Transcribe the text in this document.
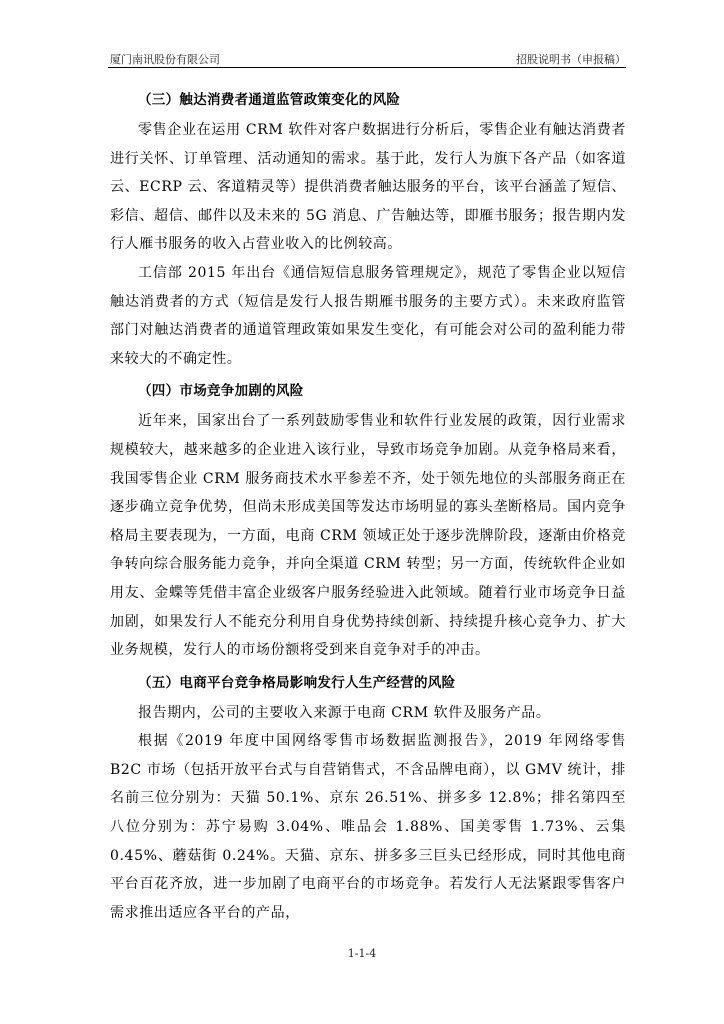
厦门南讯股份有限公司	招股说明书（申报稿）
（三）触达消费者通道监管政策变化的风险

零售企业在运用 CRM 软件对客户数据进行分析后，零售企业有触达消费者进行关怀、订单管理、活动通知的需求。基于此，发行人为旗下各产品（如客道云、ECRP 云、客道精灵等）提供消费者触达服务的平台，该平台涵盖了短信、彩信、超信、邮件以及未来的 5G 消息、广告触达等，即雁书服务；报告期内发行人雁书服务的收入占营业收入的比例较高。

工信部 2015 年出台《通信短信息服务管理规定》，规范了零售企业以短信触达消费者的方式（短信是发行人报告期雁书服务的主要方式）。未来政府监管部门对触达消费者的通道管理政策如果发生变化，有可能会对公司的盈利能力带来较大的不确定性。

（四）市场竞争加剧的风险

近年来，国家出台了一系列鼓励零售业和软件行业发展的政策，因行业需求规模较大，越来越多的企业进入该行业，导致市场竞争加剧。从竞争格局来看，我国零售企业 CRM 服务商技术水平参差不齐，处于领先地位的头部服务商正在逐步确立竞争优势，但尚未形成美国等发达市场明显的寡头垄断格局。国内竞争格局主要表现为，一方面，电商 CRM 领域正处于逐步洗牌阶段，逐渐由价格竞争转向综合服务能力竞争，并向全渠道 CRM 转型；另一方面，传统软件企业如用友、金蝶等凭借丰富企业级客户服务经验进入此领域。随着行业市场竞争日益加剧，如果发行人不能充分利用自身优势持续创新、持续提升核心竞争力、扩大业务规模，发行人的市场份额将受到来自竞争对手的冲击。

（五）电商平台竞争格局影响发行人生产经营的风险

报告期内，公司的主要收入来源于电商 CRM 软件及服务产品。

根据《2019 年度中国网络零售市场数据监测报告》，2019 年网络零售 B2C 市场（包括开放平台式与自营销售式，不含品牌电商），以 GMV 统计，排名前三位分别为：天猫 50.1%、京东 26.51%、拼多多 12.8%；排名第四至八位分别为：苏宁易购 3.04%、唯品会 1.88%、国美零售 1.73%、云集 0.45%、蘑菇街 0.24%。天猫、京东、拼多多三巨头已经形成，同时其他电商平台百花齐放，进一步加剧了电商平台的市场竞争。若发行人无法紧跟零售客户需求推出适应各平台的产品，

1-1-4
